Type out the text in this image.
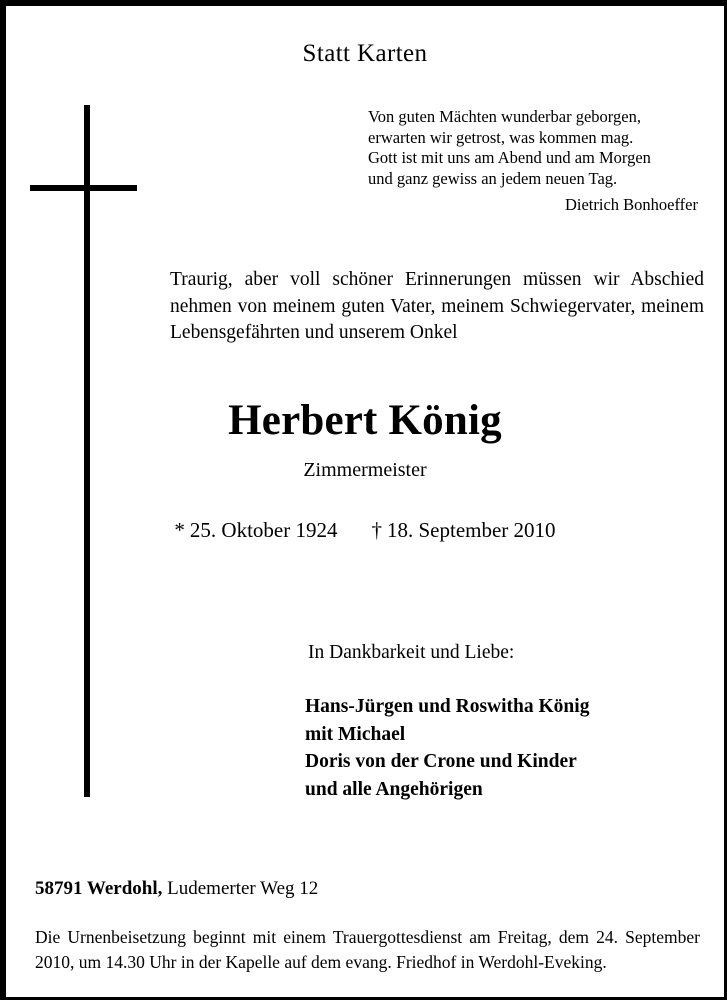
Statt Karten
Von guten Mächten wunderbar geborgen,
erwarten wir getrost, was kommen mag.
Gott ist mit uns am Abend und am Morgen
und ganz gewiss an jedem neuen Tag.
Dietrich Bonhoeffer
Traurig, aber voll schöner Erinnerungen müssen wir Abschied nehmen von meinem guten Vater, meinem Schwiegervater, meinem Lebensgefährten und unserem Onkel
Herbert König
Zimmermeister
* 25. Oktober 1924 † 18. September 2010
In Dankbarkeit und Liebe:
Hans-Jürgen und Roswitha König
mit Michael
Doris von der Crone und Kinder
und alle Angehörigen
58791 Werdohl, Ludemerter Weg 12
Die Urnenbeisetzung beginnt mit einem Trauergottesdienst am Freitag, dem 24. September 2010, um 14.30 Uhr in der Kapelle auf dem evang. Friedhof in Werdohl-Eveking.
